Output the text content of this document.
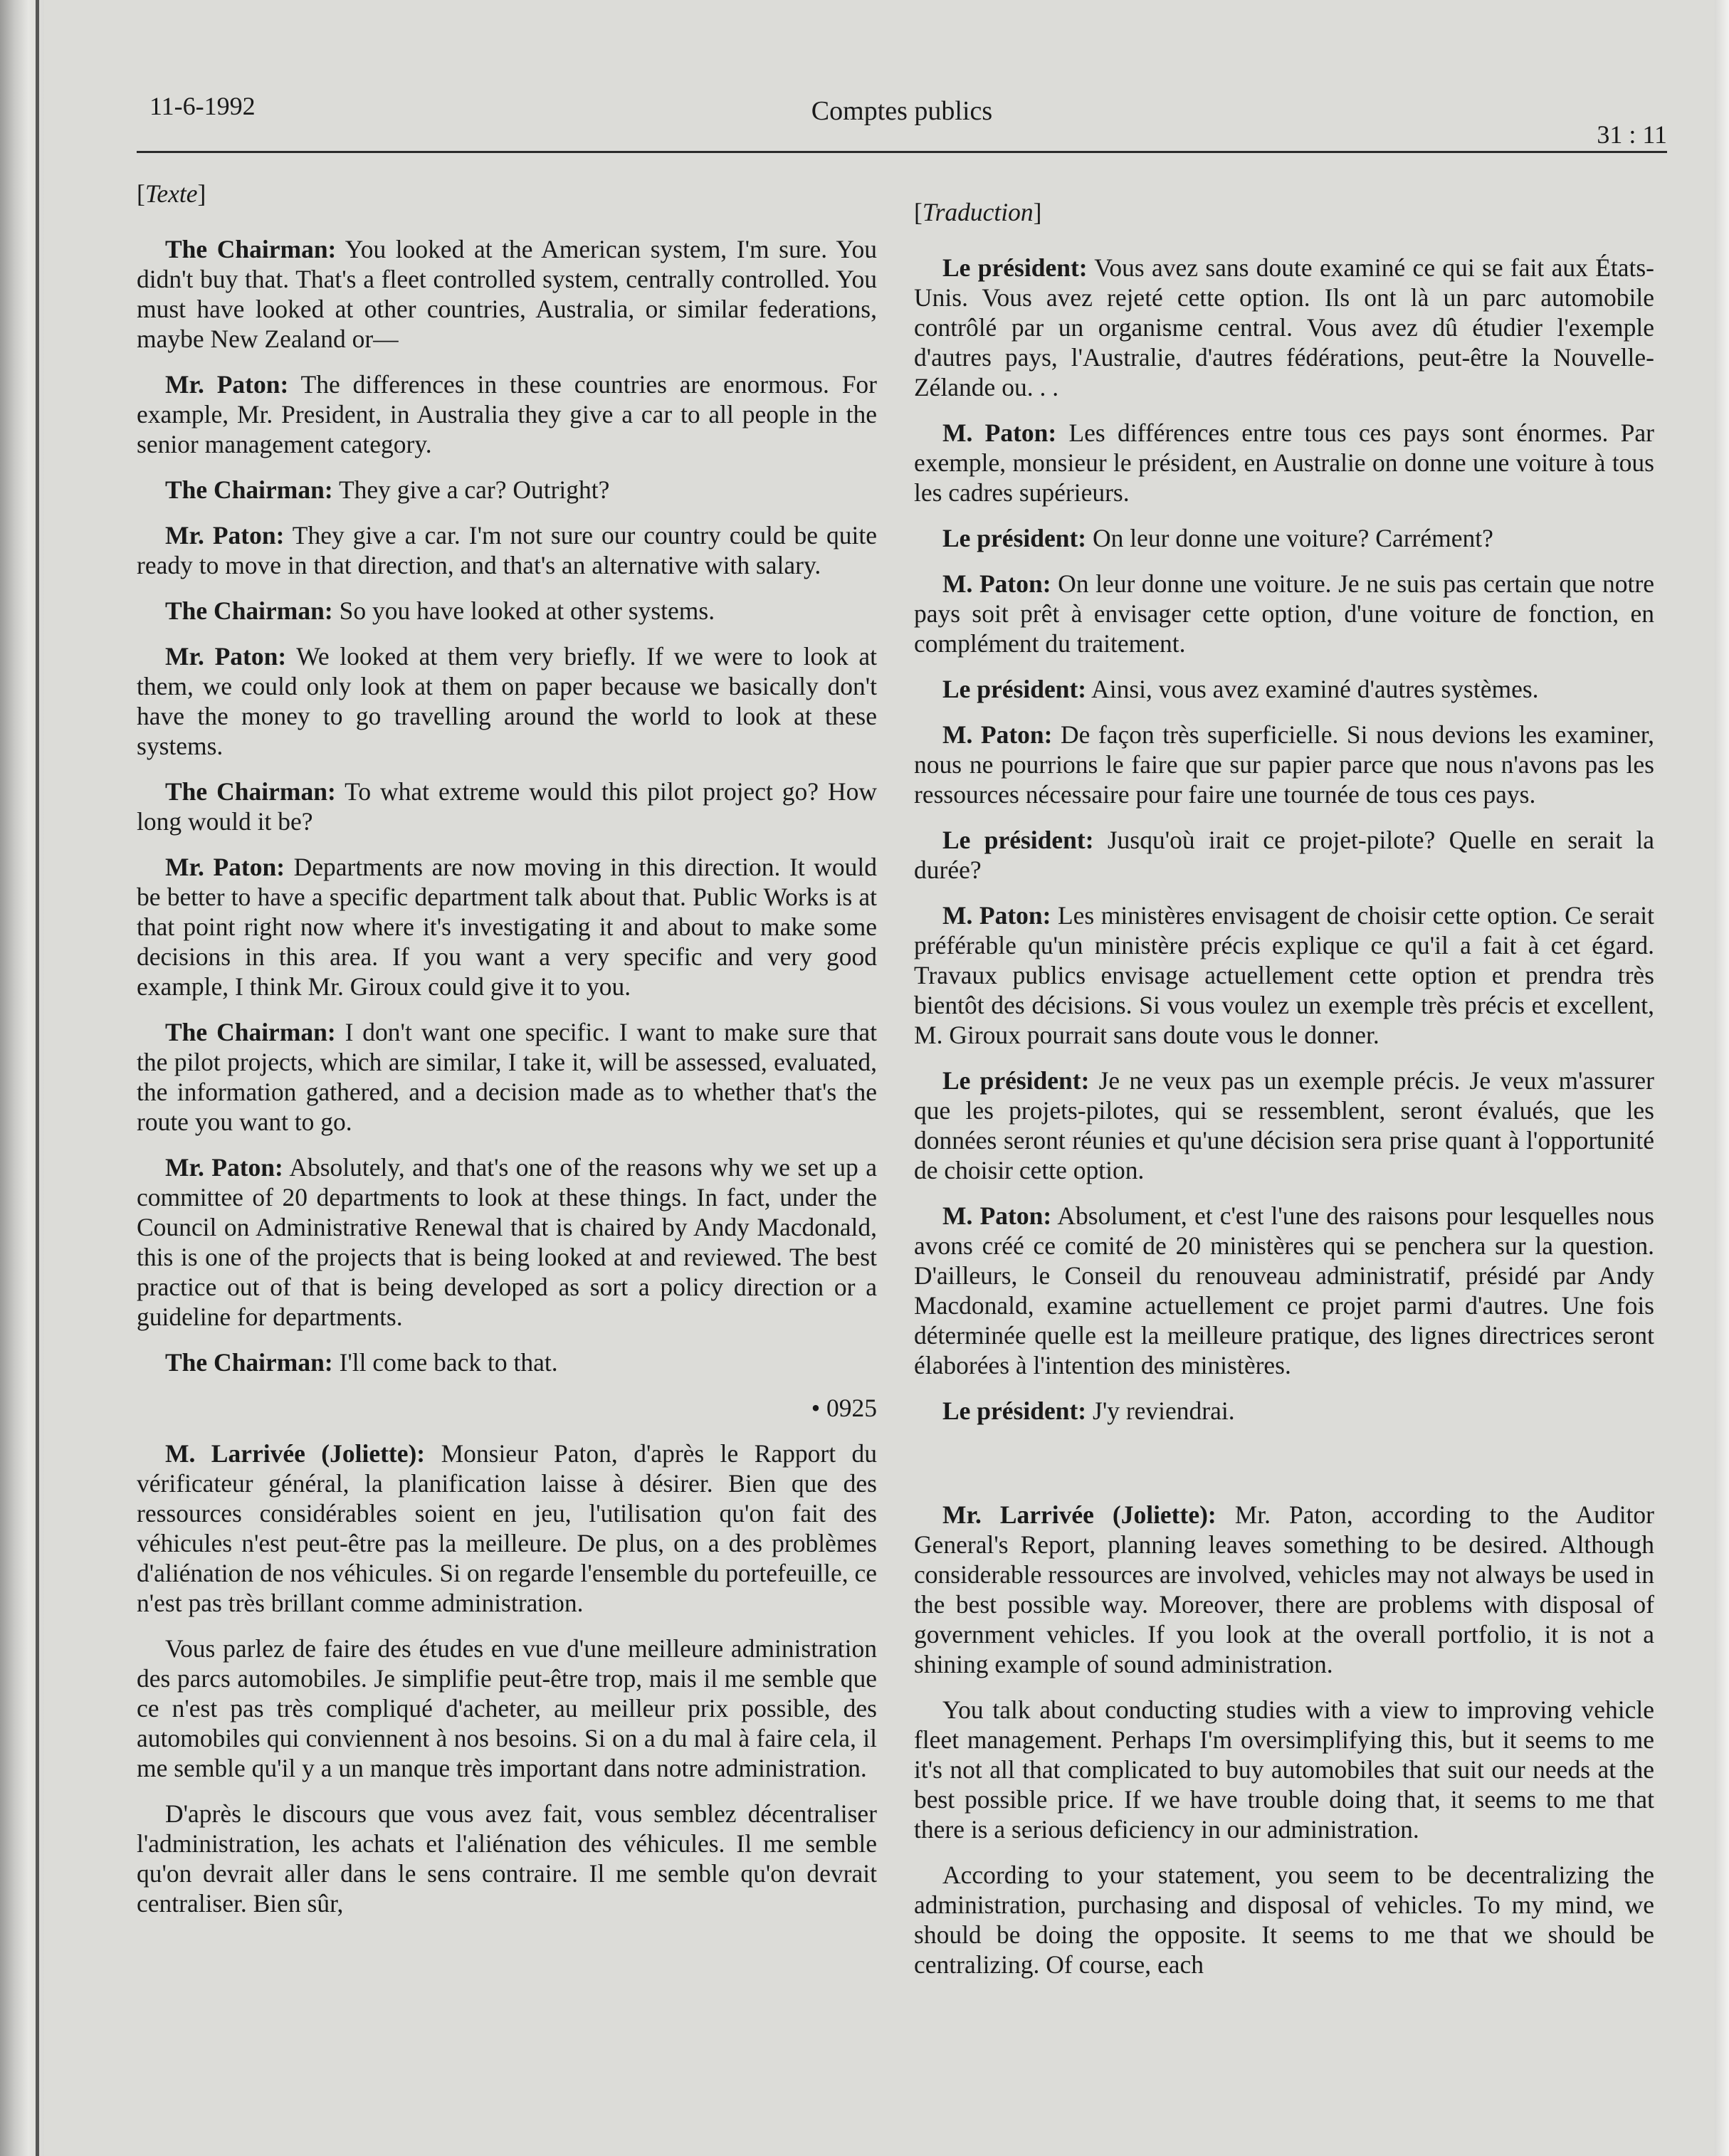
11-6-1992	Comptes publics
31 : 11

[Texte]

The Chairman: You looked at the American system, I'm sure. You didn't buy that. That's a fleet controlled system, centrally controlled. You must have looked at other countries, Australia, or similar federations, maybe New Zealand or—

Mr. Paton: The differences in these countries are enormous. For example, Mr. President, in Australia they give a car to all people in the senior management category.

The Chairman: They give a car? Outright?

Mr. Paton: They give a car. I'm not sure our country could be quite ready to move in that direction, and that's an alternative with salary.

The Chairman: So you have looked at other systems.

Mr. Paton: We looked at them very briefly. If we were to look at them, we could only look at them on paper because we basically don't have the money to go travelling around the world to look at these systems.

The Chairman: To what extreme would this pilot project go? How long would it be?

Mr. Paton: Departments are now moving in this direction. It would be better to have a specific department talk about that. Public Works is at that point right now where it's investigating it and about to make some decisions in this area. If you want a very specific and very good example, I think Mr. Giroux could give it to you.

The Chairman: I don't want one specific. I want to make sure that the pilot projects, which are similar, I take it, will be assessed, evaluated, the information gathered, and a decision made as to whether that's the route you want to go.

Mr. Paton: Absolutely, and that's one of the reasons why we set up a committee of 20 departments to look at these things. In fact, under the Council on Administrative Renewal that is chaired by Andy Macdonald, this is one of the projects that is being looked at and reviewed. The best practice out of that is being developed as sort a policy direction or a guideline for departments.

The Chairman: I'll come back to that.

• 0925

M. Larrivée (Joliette): Monsieur Paton, d'après le Rapport du vérificateur général, la planification laisse à désirer. Bien que des ressources considérables soient en jeu, l'utilisation qu'on fait des véhicules n'est peut-être pas la meilleure. De plus, on a des problèmes d'aliénation de nos véhicules. Si on regarde l'ensemble du portefeuille, ce n'est pas très brillant comme administration.

Vous parlez de faire des études en vue d'une meilleure administration des parcs automobiles. Je simplifie peut-être trop, mais il me semble que ce n'est pas très compliqué d'acheter, au meilleur prix possible, des automobiles qui conviennent à nos besoins. Si on a du mal à faire cela, il me semble qu'il y a un manque très important dans notre administration.

D'après le discours que vous avez fait, vous semblez décentraliser l'administration, les achats et l'aliénation des véhicules. Il me semble qu'on devrait aller dans le sens contraire. Il me semble qu'on devrait centraliser. Bien sûr,

[Traduction]

Le président: Vous avez sans doute examiné ce qui se fait aux États-Unis. Vous avez rejeté cette option. Ils ont là un parc automobile contrôlé par un organisme central. Vous avez dû étudier l'exemple d'autres pays, l'Australie, d'autres fédérations, peut-être la Nouvelle-Zélande ou. . .

M. Paton: Les différences entre tous ces pays sont énormes. Par exemple, monsieur le président, en Australie on donne une voiture à tous les cadres supérieurs.

Le président: On leur donne une voiture? Carrément?

M. Paton: On leur donne une voiture. Je ne suis pas certain que notre pays soit prêt à envisager cette option, d'une voiture de fonction, en complément du traitement.

Le président: Ainsi, vous avez examiné d'autres systèmes.

M. Paton: De façon très superficielle. Si nous devions les examiner, nous ne pourrions le faire que sur papier parce que nous n'avons pas les ressources nécessaire pour faire une tournée de tous ces pays.

Le président: Jusqu'où irait ce projet-pilote? Quelle en serait la durée?

M. Paton: Les ministères envisagent de choisir cette option. Ce serait préférable qu'un ministère précis explique ce qu'il a fait à cet égard. Travaux publics envisage actuellement cette option et prendra très bientôt des décisions. Si vous voulez un exemple très précis et excellent, M. Giroux pourrait sans doute vous le donner.

Le président: Je ne veux pas un exemple précis. Je veux m'assurer que les projets-pilotes, qui se ressemblent, seront évalués, que les données seront réunies et qu'une décision sera prise quant à l'opportunité de choisir cette option.

M. Paton: Absolument, et c'est l'une des raisons pour lesquelles nous avons créé ce comité de 20 ministères qui se penchera sur la question. D'ailleurs, le Conseil du renouveau administratif, présidé par Andy Macdonald, examine actuellement ce projet parmi d'autres. Une fois déterminée quelle est la meilleure pratique, des lignes directrices seront élaborées à l'intention des ministères.

Le président: J'y reviendrai.

Mr. Larrivée (Joliette): Mr. Paton, according to the Auditor General's Report, planning leaves something to be desired. Although considerable ressources are involved, vehicles may not always be used in the best possible way. Moreover, there are problems with disposal of government vehicles. If you look at the overall portfolio, it is not a shining example of sound administration.

You talk about conducting studies with a view to improving vehicle fleet management. Perhaps I'm oversimplifying this, but it seems to me it's not all that complicated to buy automobiles that suit our needs at the best possible price. If we have trouble doing that, it seems to me that there is a serious deficiency in our administration.

According to your statement, you seem to be decentralizing the administration, purchasing and disposal of vehicles. To my mind, we should be doing the opposite. It seems to me that we should be centralizing. Of course, each
